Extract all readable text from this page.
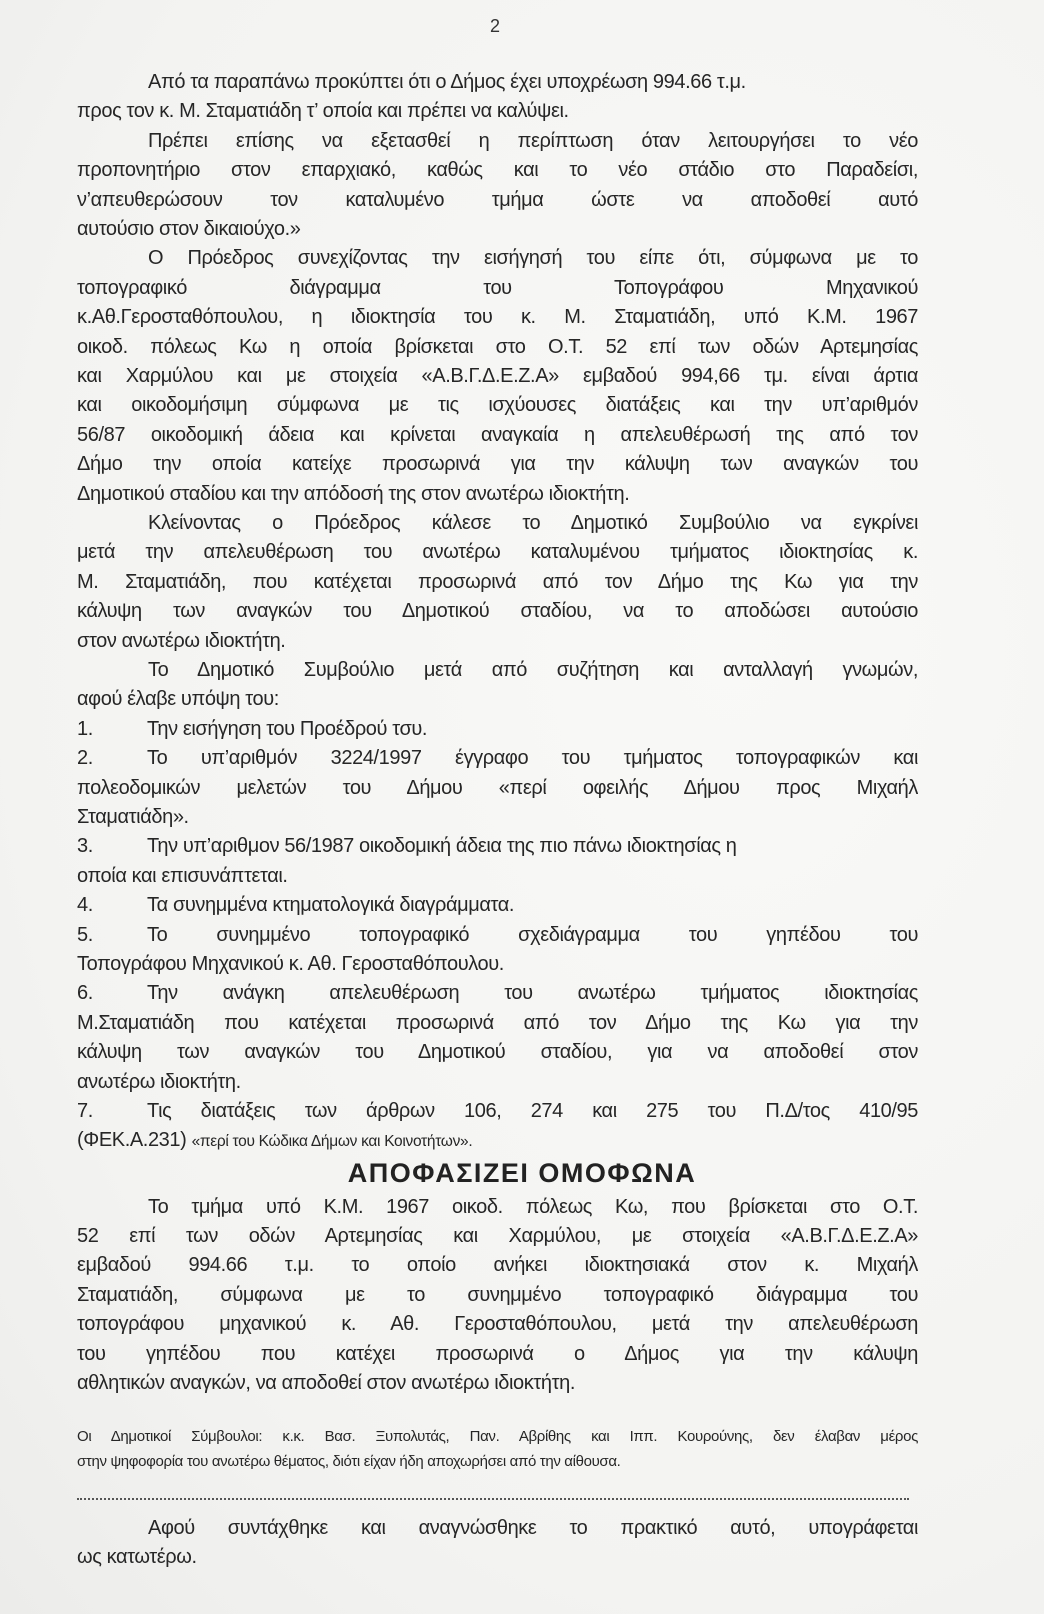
2
Από τα παραπάνω προκύπτει ότι ο Δήμος έχει υποχρέωση 994.66 τ.μ.
προς τον κ. Μ. Σταματιάδη τ’ οποία και πρέπει να καλύψει.
Πρέπει επίσης να εξετασθεί η περίπτωση όταν λειτουργήσει το νέο
προπονητήριο στον επαρχιακό, καθώς και το νέο στάδιο στο Παραδείσι,
ν’απευθερώσουν τον καταλυμένο τμήμα ώστε να αποδοθεί αυτό
αυτούσιο στον δικαιούχο.»
Ο Πρόεδρος συνεχίζοντας την εισήγησή του είπε ότι, σύμφωνα με το
τοπογραφικό διάγραμμα του Τοπογράφου Μηχανικού
κ.Αθ.Γεροσταθόπουλου, η ιδιοκτησία του κ. Μ. Σταματιάδη, υπό Κ.Μ. 1967
οικοδ. πόλεως Κω η οποία βρίσκεται στο Ο.Τ. 52 επί των οδών Αρτεμησίας
και Χαρμύλου και με στοιχεία «Α.Β.Γ.Δ.Ε.Ζ.Α» εμβαδού 994,66 τμ. είναι άρτια
και οικοδομήσιμη σύμφωνα με τις ισχύουσες διατάξεις και την υπ’αριθμόν
56/87 οικοδομική άδεια και κρίνεται αναγκαία η απελευθέρωσή της από τον
Δήμο την οποία κατείχε προσωρινά για την κάλυψη των αναγκών του
Δημοτικού σταδίου και την απόδοσή της στον ανωτέρω ιδιοκτήτη.
Κλείνοντας ο Πρόεδρος κάλεσε το Δημοτικό Συμβούλιο να εγκρίνει
μετά την απελευθέρωση του ανωτέρω καταλυμένου τμήματος ιδιοκτησίας κ.
Μ. Σταματιάδη, που κατέχεται προσωρινά από τον Δήμο της Κω για την
κάλυψη των αναγκών του Δημοτικού σταδίου, να το αποδώσει αυτούσιο
στον ανωτέρω ιδιοκτήτη.
Το Δημοτικό Συμβούλιο μετά από συζήτηση και ανταλλαγή γνωμών,
αφού έλαβε υπόψη του:
1.	Την εισήγηση του Προέδρού τσυ.
2.	Το υπ’αριθμόν 3224/1997 έγγραφο του τμήματος τοπογραφικών και
πολεοδομικών μελετών του Δήμου «περί οφειλής Δήμου προς Μιχαήλ
Σταματιάδη».
3.	Την υπ’αριθμον 56/1987 οικοδομική άδεια της πιο πάνω ιδιοκτησίας η
οποία και επισυνάπτεται.
4.	Τα συνημμένα κτηματολογικά διαγράμματα.
5.	Το συνημμένο τοπογραφικό σχεδιάγραμμα του γηπέδου του
Τοπογράφου Μηχανικού κ. Αθ. Γεροσταθόπουλου.
6.	Την ανάγκη απελευθέρωση του ανωτέρω τμήματος ιδιοκτησίας
Μ.Σταματιάδη που κατέχεται προσωρινά από τον Δήμο της Κω για την
κάλυψη των αναγκών του Δημοτικού σταδίου, για να αποδοθεί στον
ανωτέρω ιδιοκτήτη.
7.	Τις διατάξεις των άρθρων 106, 274 και 275 του Π.Δ/τος 410/95
(ΦΕΚ.Α.231) «περί του Κώδικα Δήμων και Κοινοτήτων».
ΑΠΟΦΑΣΙΖΕΙ ΟΜΟΦΩΝΑ
Το τμήμα υπό Κ.Μ. 1967 οικοδ. πόλεως Κω, που βρίσκεται στο Ο.Τ.
52 επί των οδών Αρτεμησίας και Χαρμύλου, με στοιχεία «Α.Β.Γ.Δ.Ε.Ζ.Α»
εμβαδού 994.66 τ.μ. το οποίο ανήκει ιδιοκτησιακά στον κ. Μιχαήλ
Σταματιάδη, σύμφωνα με το συνημμένο τοπογραφικό διάγραμμα του
τοπογράφου μηχανικού κ. Αθ. Γεροσταθόπουλου, μετά την απελευθέρωση
του γηπέδου που κατέχει προσωρινά ο Δήμος για την κάλυψη
αθλητικών αναγκών, να αποδοθεί στον ανωτέρω ιδιοκτήτη.
Οι Δημοτικοί Σύμβουλοι: κ.κ. Βασ. Ξυπολυτάς, Παν. Αβρίθης και Ιππ. Κουρούνης, δεν έλαβαν μέρος
στην ψηφοφορία του ανωτέρω θέματος, διότι είχαν ήδη αποχωρήσει από την αίθουσα.
Αφού συντάχθηκε και αναγνώσθηκε το πρακτικό αυτό, υπογράφεται
ως κατωτέρω.
